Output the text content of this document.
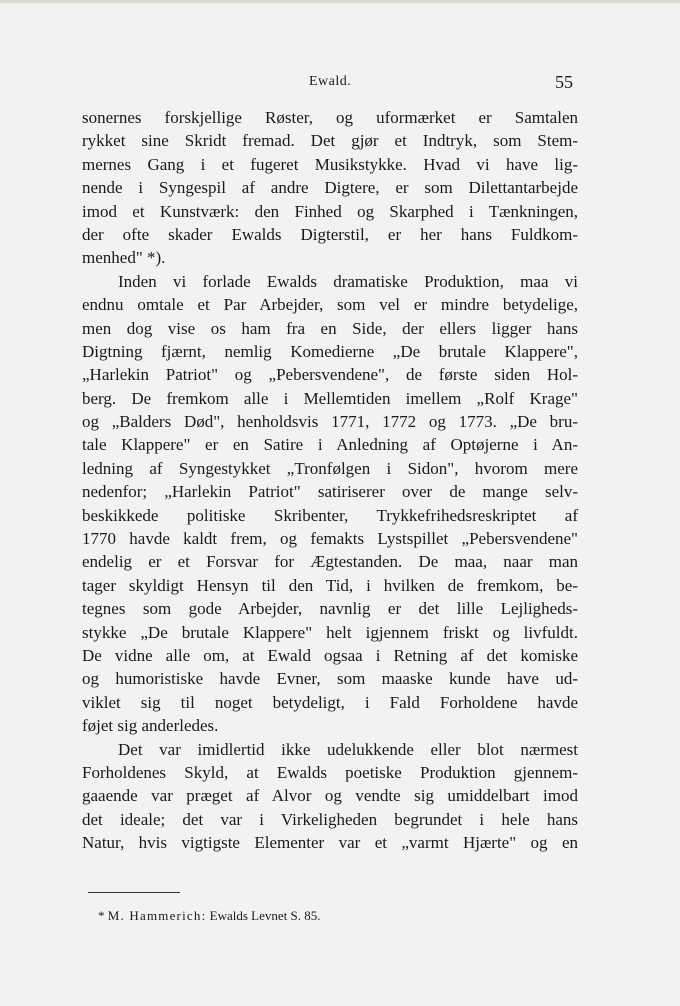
Ewald.	55
sonernes forskjellige Røster, og uformærket er Samtalen
rykket sine Skridt fremad. Det gjør et Indtryk, som Stem-
mernes Gang i et fugeret Musikstykke. Hvad vi have lig-
nende i Syngespil af andre Digtere, er som Dilettantarbejde
imod et Kunstværk: den Finhed og Skarphed i Tænkningen,
der ofte skader Ewalds Digterstil, er her hans Fuldkom-
menhed" *).
Inden vi forlade Ewalds dramatiske Produktion, maa vi
endnu omtale et Par Arbejder, som vel er mindre betydelige,
men dog vise os ham fra en Side, der ellers ligger hans
Digtning fjærnt, nemlig Komedierne „De brutale Klappere",
„Harlekin Patriot" og „Pebersvendene", de første siden Hol-
berg. De fremkom alle i Mellemtiden imellem „Rolf Krage"
og „Balders Død", henholdsvis 1771, 1772 og 1773. „De bru-
tale Klappere" er en Satire i Anledning af Optøjerne i An-
ledning af Syngestykket „Tronfølgen i Sidon", hvorom mere
nedenfor; „Harlekin Patriot" satiriserer over de mange selv-
beskikkede politiske Skribenter, Trykkefrihedsreskriptet af
1770 havde kaldt frem, og femakts Lystspillet „Pebersvendene"
endelig er et Forsvar for Ægtestanden. De maa, naar man
tager skyldigt Hensyn til den Tid, i hvilken de fremkom, be-
tegnes som gode Arbejder, navnlig er det lille Lejligheds-
stykke „De brutale Klappere" helt igjennem friskt og livfuldt.
De vidne alle om, at Ewald ogsaa i Retning af det komiske
og humoristiske havde Evner, som maaske kunde have ud-
viklet sig til noget betydeligt, i Fald Forholdene havde
føjet sig anderledes.
Det var imidlertid ikke udelukkende eller blot nærmest
Forholdenes Skyld, at Ewalds poetiske Produktion gjennem-
gaaende var præget af Alvor og vendte sig umiddelbart imod
det ideale; det var i Virkeligheden begrundet i hele hans
Natur, hvis vigtigste Elementer var et „varmt Hjærte" og en
* M. Hammerich: Ewalds Levnet S. 85.
